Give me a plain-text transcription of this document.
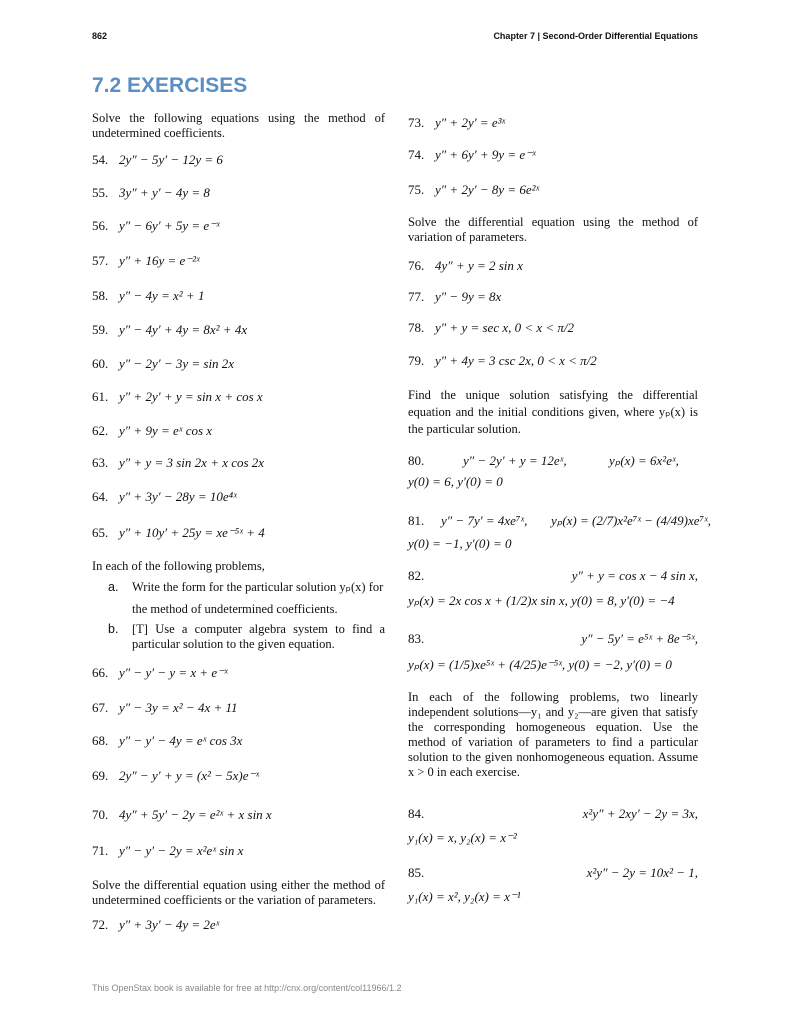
862	Chapter 7 | Second-Order Differential Equations
7.2 EXERCISES
Solve the following equations using the method of undetermined coefficients.
In each of the following problems,
a. Write the form for the particular solution yₚ(x) for the method of undetermined coefficients.
b. [T] Use a computer algebra system to find a particular solution to the given equation.
Solve the differential equation using either the method of undetermined coefficients or the variation of parameters.
Solve the differential equation using the method of variation of parameters.
Find the unique solution satisfying the differential equation and the initial conditions given, where yₚ(x) is the particular solution.
In each of the following problems, two linearly independent solutions—y₁ and y₂—are given that satisfy the corresponding homogeneous equation. Use the method of variation of parameters to find a particular solution to the given nonhomogeneous equation. Assume x > 0 in each exercise.
54. 2y″ − 5y′ − 12y = 6
55. 3y″ + y′ − 4y = 8
56. y″ − 6y′ + 5y = e⁻ˣ
57. y″ + 16y = e⁻²ˣ
58. y″ − 4y = x² + 1
59. y″ − 4y′ + 4y = 8x² + 4x
60. y″ − 2y′ − 3y = sin 2x
61. y″ + 2y′ + y = sin x + cos x
62. y″ + 9y = eˣ cos x
63. y″ + y = 3 sin 2x + x cos 2x
64. y″ + 3y′ − 28y = 10e⁴ˣ
65. y″ + 10y′ + 25y = xe⁻⁵ˣ + 4
66. y″ − y′ − y = x + e⁻ˣ
67. y″ − 3y = x² − 4x + 11
68. y″ − y′ − 4y = eˣ cos 3x
69. 2y″ − y′ + y = (x² − 5x)e⁻ˣ
70. 4y″ + 5y′ − 2y = e²ˣ + x sin x
71. y″ − y′ − 2y = x²eˣ sin x
72. y″ + 3y′ − 4y = 2eˣ
73. y″ + 2y′ = e³ˣ
74. y″ + 6y′ + 9y = e⁻ˣ
75. y″ + 2y′ − 8y = 6e²ˣ
76. 4y″ + y = 2 sin x
77. y″ − 9y = 8x
78. y″ + y = sec x, 0 < x < π/2
79. y″ + 4y = 3 csc 2x, 0 < x < π/2
80.	y″ − 2y′ + y = 12eˣ,	yₚ(x) = 6x²eˣ,
y(0) = 6, y′(0) = 0
81. y″ − 7y′ = 4xe⁷ˣ, yₚ(x) = (2/7)x²e⁷ˣ − (4/49)xe⁷ˣ,
y(0) = −1, y′(0) = 0
82.	y″ + y = cos x − 4 sin x,
yₚ(x) = 2x cos x + (1/2)x sin x, y(0) = 8, y′(0) = −4
83.	y″ − 5y′ = e⁵ˣ + 8e⁻⁵ˣ,
yₚ(x) = (1/5)xe⁵ˣ + (4/25)e⁻⁵ˣ, y(0) = −2, y′(0) = 0
84.	x²y″ + 2xy′ − 2y = 3x,
y₁(x) = x, y₂(x) = x⁻²
85.	x²y″ − 2y = 10x² − 1,
y₁(x) = x², y₂(x) = x⁻¹
This OpenStax book is available for free at http://cnx.org/content/col11966/1.2
